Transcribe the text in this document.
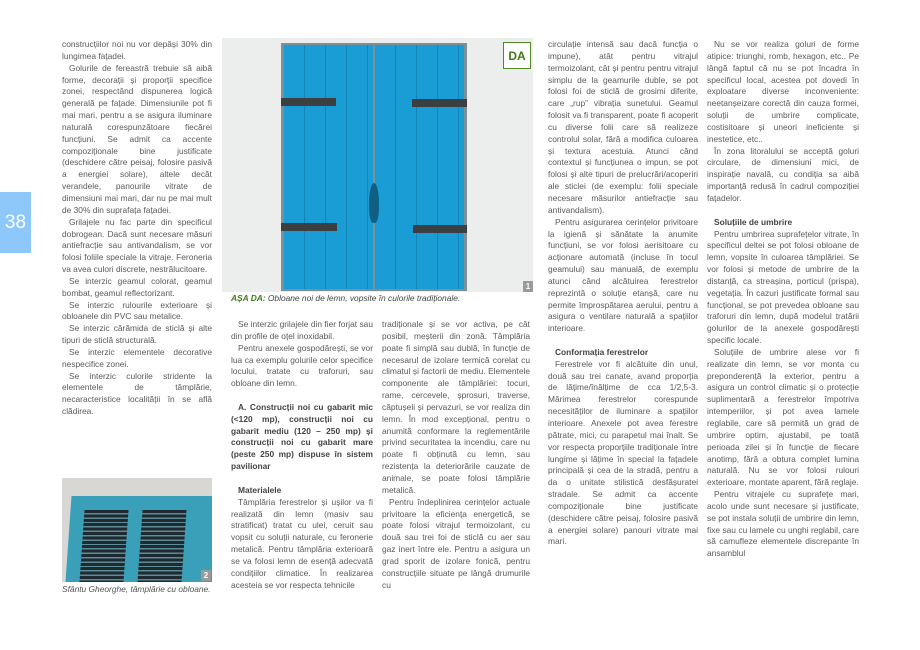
38

construcțiilor noi nu vor depăși 30% din lungimea fațadei.

Golurile de fereastră trebuie să aibă forme, decorații și proporții specifice zonei, respectând dispunerea logică generală pe fațade. Dimensiunile pot fi mai mari, pentru a se asigura iluminare naturală corespunzătoare fiecărei funcțiuni. Se admit ca accente compoziționale bine justificate (deschidere către peisaj, folosire pasivă a energiei solare), altele decât verandele, panourile vitrate de dimensiuni mai mari, dar nu pe mai mult de 30% din suprafața fațadei.

Grilajele nu fac parte din specificul dobrogean. Dacă sunt necesare măsuri antiefracție sau antivandalism, se vor folosi foliile speciale la vitraje. Feroneria va avea culori discrete, nestrălucitoare.

Se interzic geamul colorat, geamul bombat, geamul reflectorizant.

Se interzic rulourile exterioare și obloanele din PVC sau metalice.

Se interzic cărămida de sticlă și alte tipuri de sticlă structurală.

Se interzic elementele decorative nespecifice zonei.

Se interzic culorile stridente la elementele de tâmplărie, necaracteristice localității în se află clădirea.

Se interzic grilajele din fier forjat sau din profile de oțel inoxidabil.

Pentru anexele gospodărești, se vor lua ca exemplu golurile celor specifice locului, tratate cu traforuri, sau obloane din lemn.

A. Construcții noi cu gabarit mic (<120 mp), construcții noi cu gabarit mediu (120 – 250 mp) și construcții noi cu gabarit mare (peste 250 mp) dispuse în sistem pavilionar

Materialele

Tâmplăria ferestrelor și ușilor va fi realizată din lemn (masiv sau stratificat) tratat cu ulei, ceruit sau vopsit cu soluții naturale, cu feronerie metalică. Pentru tâmplăria exterioară se va folosi lemn de esență adecvată condițiilor climatice. În realizarea acesteia se vor respecta tehnicile

tradiționale și se vor activa, pe cât posibil, meșterii din zonă. Tâmplăria poate fi simplă sau dublă, în funcție de necesarul de izolare termică corelat cu climatul și factorii de mediu. Elementele componente ale tâmplăriei: tocuri, rame, cercevele, șprosuri, traverse, căptușeli și pervazuri, se vor realiza din lemn. În mod excepțional, pentru o anumită conformare la reglementările privind securitatea la incendiu, care nu poate fi obținută cu lemn, sau rezistența la deteriorările cauzate de animale, se poate folosi tâmplărie metalică.

Pentru îndeplinirea cerințelor actuale privitoare la eficiența energetică, se poate folosi vitrajul termoizolant, cu două sau trei foi de sticlă cu aer sau gaz inert între ele. Pentru a asigura un grad sporit de izolare fonică, pentru construcțiile situate pe lângă drumurile cu

circulație intensă sau dacă funcția o impune), atât pentru vitrajul termoizolant, cât și pentru pentru vitrajul simplu de la geamurile duble, se pot folosi foi de sticlă de grosimi diferite, care „rup” vibrația sunetului. Geamul folosit va fi transparent, poate fi acoperit cu diverse folii care să realizeze controlul solar, fără a modifica culoarea și textura acestuia. Atunci când contextul și funcțiunea o impun, se pot folosi și alte tipuri de prelucrări/acoperiri ale sticlei (de exemplu: folii speciale necesare măsurilor antiefracție sau antivandalism).

Pentru asigurarea cerințelor privitoare la igienă și sănătate la anumite funcțiuni, se vor folosi aerisitoare cu acționare automată (incluse în tocul geamului) sau manuală, de exemplu atunci când alcătuirea ferestrelor reprezintă o soluție etanșă, care nu permite împrospătarea aerului, pentru a asigura o ventilare naturală a spațiilor interioare.

Conformația ferestrelor

Ferestrele vor fi alcătuite din unul, două sau trei canate, avand proporția de lățime/înălțime de cca 1/2,5-3. Mărimea ferestrelor corespunde necesităților de iluminare a spațiilor interioare. Anexele pot avea ferestre pătrate, mici, cu parapetul mai înalt. Se vor respecta proporțiile tradiționale între lungime și lățime în special la fațadele principală și cea de la stradă, pentru a da o unitate stilistică desfășuratei stradale. Se admit ca accente compoziționale bine justificate (deschidere către peisaj, folosire pasivă a energiei solare) panouri vitrate mai mari.

Nu se vor realiza goluri de forme atipice: triunghi, romb, hexagon, etc.. Pe lângă faptul că nu se pot încadra în specificul local, acestea pot dovedi în exploatare diverse inconveniente: neetanșeizare corectă din cauza formei, soluții de umbrire complicate, costisitoare și uneori ineficiente și inestetice, etc..

În zona litoralului se acceptă goluri circulare, de dimensiuni mici, de inspirație navală, cu condiția sa aibă importanță redusă în cadrul compoziției fațadelor.

Soluțiile de umbrire

Pentru umbrirea suprafețelor vitrate, în specificul deltei se pot folosi obloane de lemn, vopsite în culoarea tâmplăriei. Se vor folosi și metode de umbrire de la distanță, ca streașina, porticul (prispa), vegetația. În cazuri justificate formal sau funcțional, se pot prevedea obloane sau traforuri din lemn, după modelul tratării golurilor de la anexele gospodărești specific locale.

Soluțiile de umbrire alese vor fi realizate din lemn, se vor monta cu preponderență la exterior, pentru a asigura un control climatic și o protecție suplimentară a ferestrelor împotriva intemperiilor, și pot avea lamele reglabile, care să permită un grad de umbrire optim, ajustabil, pe toată perioada zilei și în funcție de fiecare anotimp, fără a obtura complet lumina naturală. Nu se vor folosi rulouri exterioare, montate aparent, fără reglaje.

Pentru vitrajele cu suprafețe mari, acolo unde sunt necesare și justificate, se pot instala soluții de umbrire din lemn, fixe sau cu lamele cu unghi reglabil, care să camufleze elementele discrepante în ansamblul

DA
1
AȘA DA: Obloane noi de lemn, vopsite în culorile tradiționale.
2
Sfântu Gheorghe, tâmplărie cu obloane.
